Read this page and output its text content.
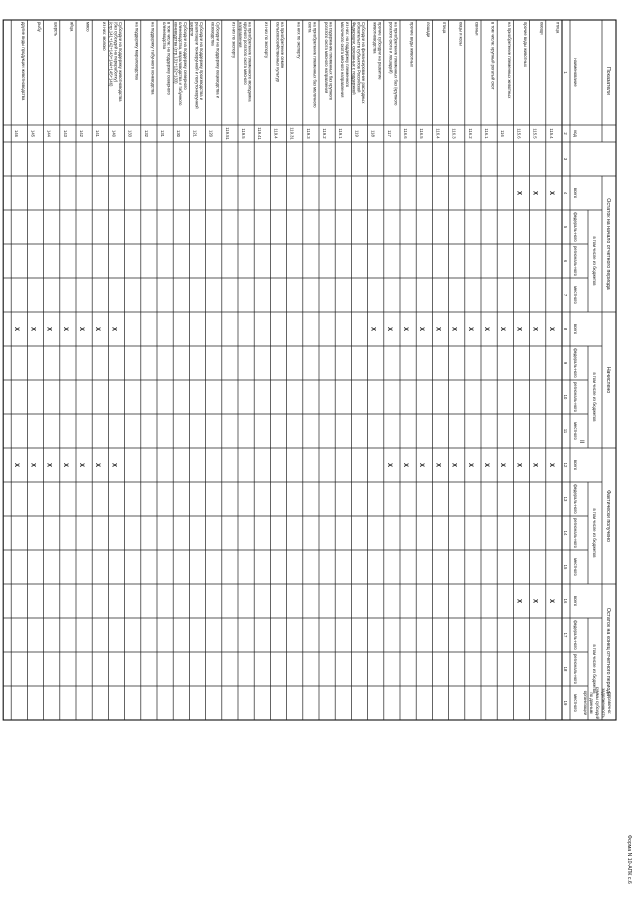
Форма N 10-АПК с.6
II
Остаток на начало отчетного периода
в том числе из бюджетов
всего
федераль-ного
региональ-ного
местного
Начислено
в том числе из бюджетов
всего
федераль-ного
региональ-ного
местного
Фактически получено
в том числе из бюджетов
всего
федераль-ного
региональ-ного
местного
Остаток на конец отчетного периода
в том числе из бюджетов
всего
федераль-ного
региональ-ного
местного
Показатели
наименование
код
Справочно:
задолженность
суммы субсидий
по данным
организации
1
2
3
4
5
6
7
8
9
10
11
12
13
14
15
16
17
18
19
птица
115.4
X
X
X
X
овощи
115.5
X
X
X
X
прочие виды животных
115.6
X
X
X
X
на приобретение племенных животных
116
X
X
в том числе: крупный рогатый скот
116.1
X
X
свиньи
116.2
X
X
овцы и козы
116.3
X
X
птица
116.4
X
X
лошади
116.5
X
X
прочие виды животных
116.6
X
X
на приобретение племенных баз (крупного
рогатого скота и лошадей)
117
X
X
прочие субсидии на развитие
животноводства
118
X
Субсидии на финансирование расходных
обязательств субъектов Российской
Федерации, связанных с поддержкой
119
из них: на поддержку племенного
молочного скота мясного направления
119.1
на содержание племенных баз крупного
рогатого скота мясного направления
119.2
на приобретение племенных баз молочного
скота
119.3
на них по экспорту
119.31
на приобретение семян
сельскохозяйственных культур
119.4
из них по экспорту
119.41
на приобретение племенного молодняка
крупного рогатого скота мясного
направления
119.5
из них по экспорту
119.51
Субсидии на поддержку овцеводства и
козоводства
120
Субсидии на поддержку производства и
реализации тонкорунной и полутонкорунной
шерсти
121
Субсидии на поддержку северного
оленеводства, мараловодства и табунного
коневодства (стр.131+132+133)
130
в том числе: на поддержку северного
оленеводства
131
на поддержку табунного коневодства
132
на поддержку мараловодства
133
Субсидии на поддержку животноводства
(без субсидий на переработку)
(стр.141+142+143+144+145+146)
140
X
X
из них: молоко
141
X
X
мясо
142
X
X
яйца
143
X
X
шерсть
144
X
X
рыбу
145
X
X
другие виды продукции животноводства
146
X
X
